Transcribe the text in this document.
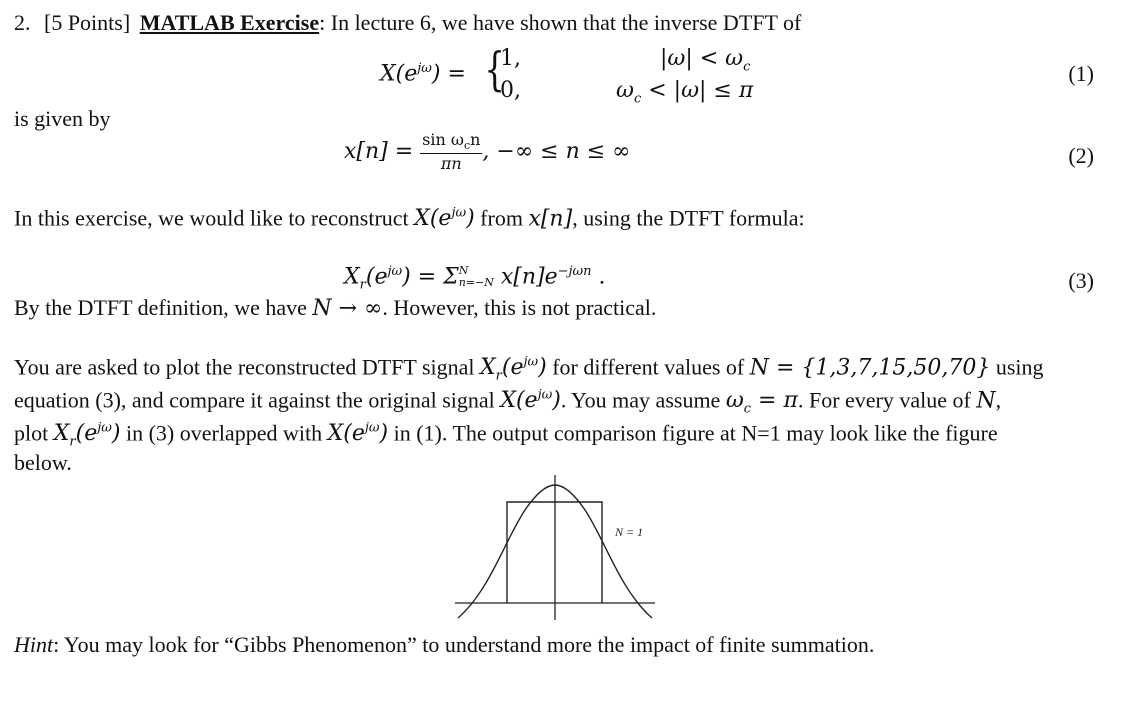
2. [5 Points] MATLAB Exercise: In lecture 6, we have shown that the inverse DTFT of
$X(e^{j\omega})$ = {
1,	$|\omega| < \omega_c$
0,	$\omega_c < |\omega| \le \pi$
(1)
is given by
$x[n] = \frac{\sin \omega_cn}{\pi n}$ , −∞ ≤ n ≤ ∞	(2)
In this exercise, we would like to reconstruct $X(e^{j\omega})$ from x[n], using the DTFT formula:
$X_r(e^{j\omega}) = \Sigma$ N
n=−N $x[n]e^{-j\omega n}$ .	(3)
By the DTFT definition, we have N → ∞. However, this is not practical.
You are asked to plot the reconstructed DTFT signal $X_r(e^{j\omega})$ for different values of N = {1,3,7,15,50,70} using
equation (3), and compare it against the original signal $X(e^{j\omega})$. You may assume $\omega_c = \pi$. For every value of N,
plot $X_r(e^{j\omega})$ in (3) overlapped with $X(e^{j\omega})$ in (1). The output comparison figure at N=1 may look like the figure
below.
N = 1
Hint: You may look for “Gibbs Phenomenon” to understand more the impact of finite summation.
